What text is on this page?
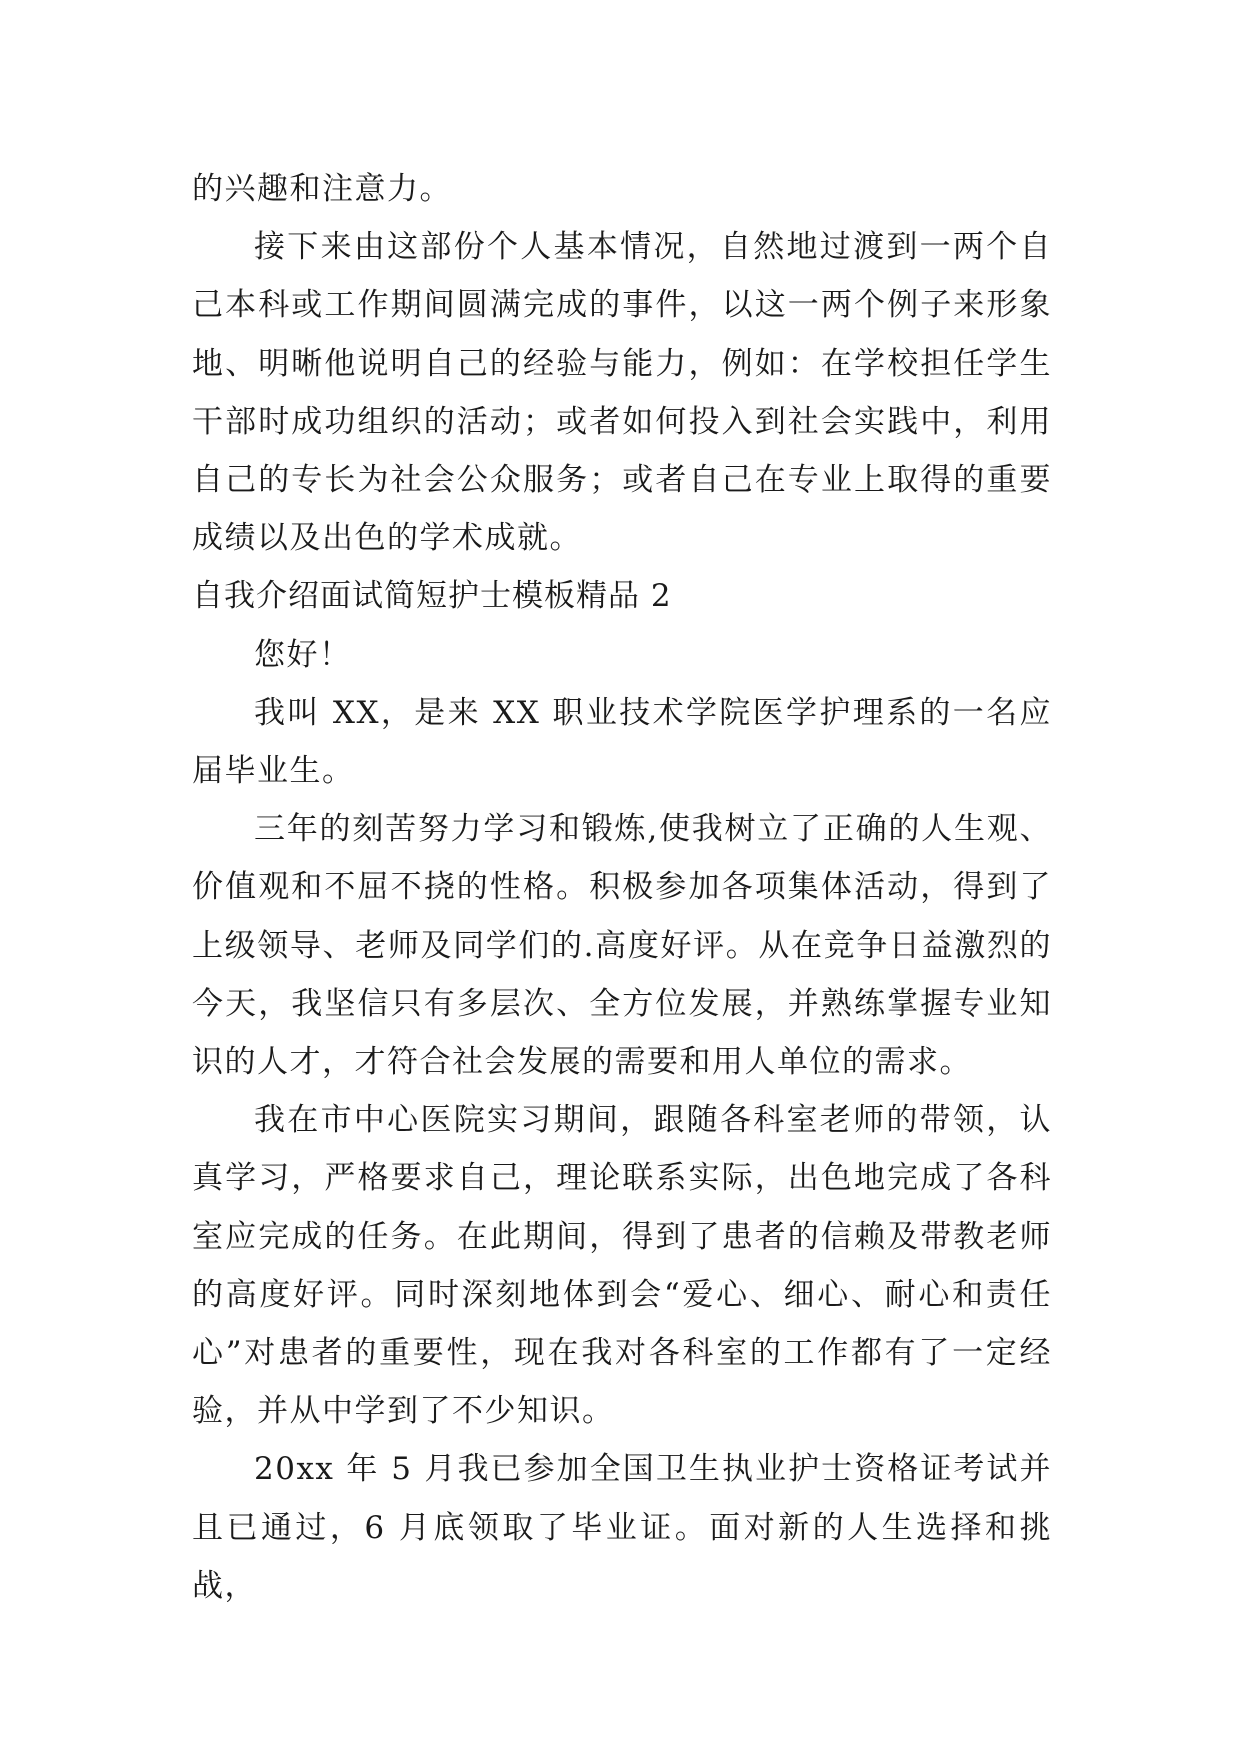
的兴趣和注意力。

接下来由这部份个人基本情况，自然地过渡到一两个自己本科或工作期间圆满完成的事件，以这一两个例子来形象地、明晰他说明自己的经验与能力，例如：在学校担任学生干部时成功组织的活动；或者如何投入到社会实践中，利用自己的专长为社会公众服务；或者自己在专业上取得的重要成绩以及出色的学术成就。

自我介绍面试简短护士模板精品 2

您好！

我叫 XX，是来 XX 职业技术学院医学护理系的一名应届毕业生。

三年的刻苦努力学习和锻炼,使我树立了正确的人生观、价值观和不屈不挠的性格。积极参加各项集体活动，得到了上级领导、老师及同学们的.高度好评。从在竞争日益激烈的今天，我坚信只有多层次、全方位发展，并熟练掌握专业知识的人才，才符合社会发展的需要和用人单位的需求。

我在市中心医院实习期间，跟随各科室老师的带领，认真学习，严格要求自己，理论联系实际，出色地完成了各科室应完成的任务。在此期间，得到了患者的信赖及带教老师的高度好评。同时深刻地体到会“爱心、细心、耐心和责任心”对患者的重要性，现在我对各科室的工作都有了一定经验，并从中学到了不少知识。

20xx 年 5 月我已参加全国卫生执业护士资格证考试并且已通过，6 月底领取了毕业证。面对新的人生选择和挑战，
